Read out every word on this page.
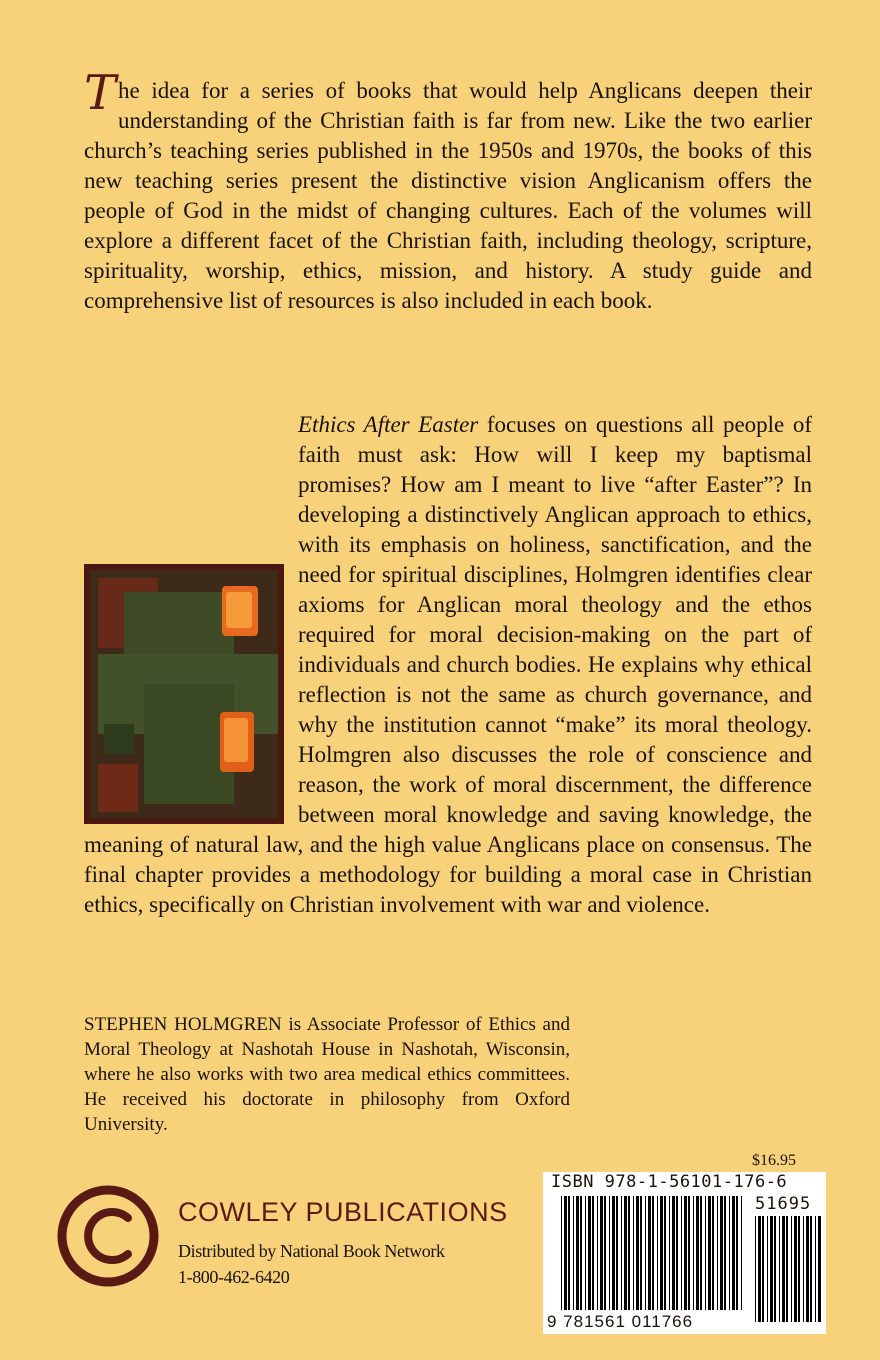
The idea for a series of books that would help Anglicans deepen their understanding of the Christian faith is far from new. Like the two earlier church’s teaching series published in the 1950s and 1970s, the books of this new teaching series present the distinctive vision Anglicanism offers the people of God in the midst of changing cultures. Each of the volumes will explore a different facet of the Christian faith, including theology, scripture, spirituality, worship, ethics, mission, and history. A study guide and comprehensive list of resources is also included in each book.

Ethics After Easter focuses on questions all people of faith must ask: How will I keep my baptismal promises? How am I meant to live “after Easter”? In developing a distinctively Anglican approach to ethics, with its emphasis on holiness, sanctification, and the need for spiritual disciplines, Holmgren identifies clear axioms for Anglican moral theology and the ethos required for moral decision-making on the part of individuals and church bodies. He explains why ethical reflection is not the same as church governance, and why the institution cannot “make” its moral theology. Holmgren also discusses the role of conscience and reason, the work of moral discernment, the difference between moral knowledge and saving knowledge, the meaning of natural law, and the high value Anglicans place on consensus. The final chapter provides a methodology for building a moral case in Christian ethics, specifically on Christian involvement with war and violence.

STEPHEN HOLMGREN is Associate Professor of Ethics and Moral Theology at Nashotah House in Nashotah, Wisconsin, where he also works with two area medical ethics committees. He received his doctorate in philosophy from Oxford University.

$16.95
ISBN 978-1-56101-176-6
51695
9 781561 011766
COWLEY PUBLICATIONS
Distributed by National Book Network
1-800-462-6420
